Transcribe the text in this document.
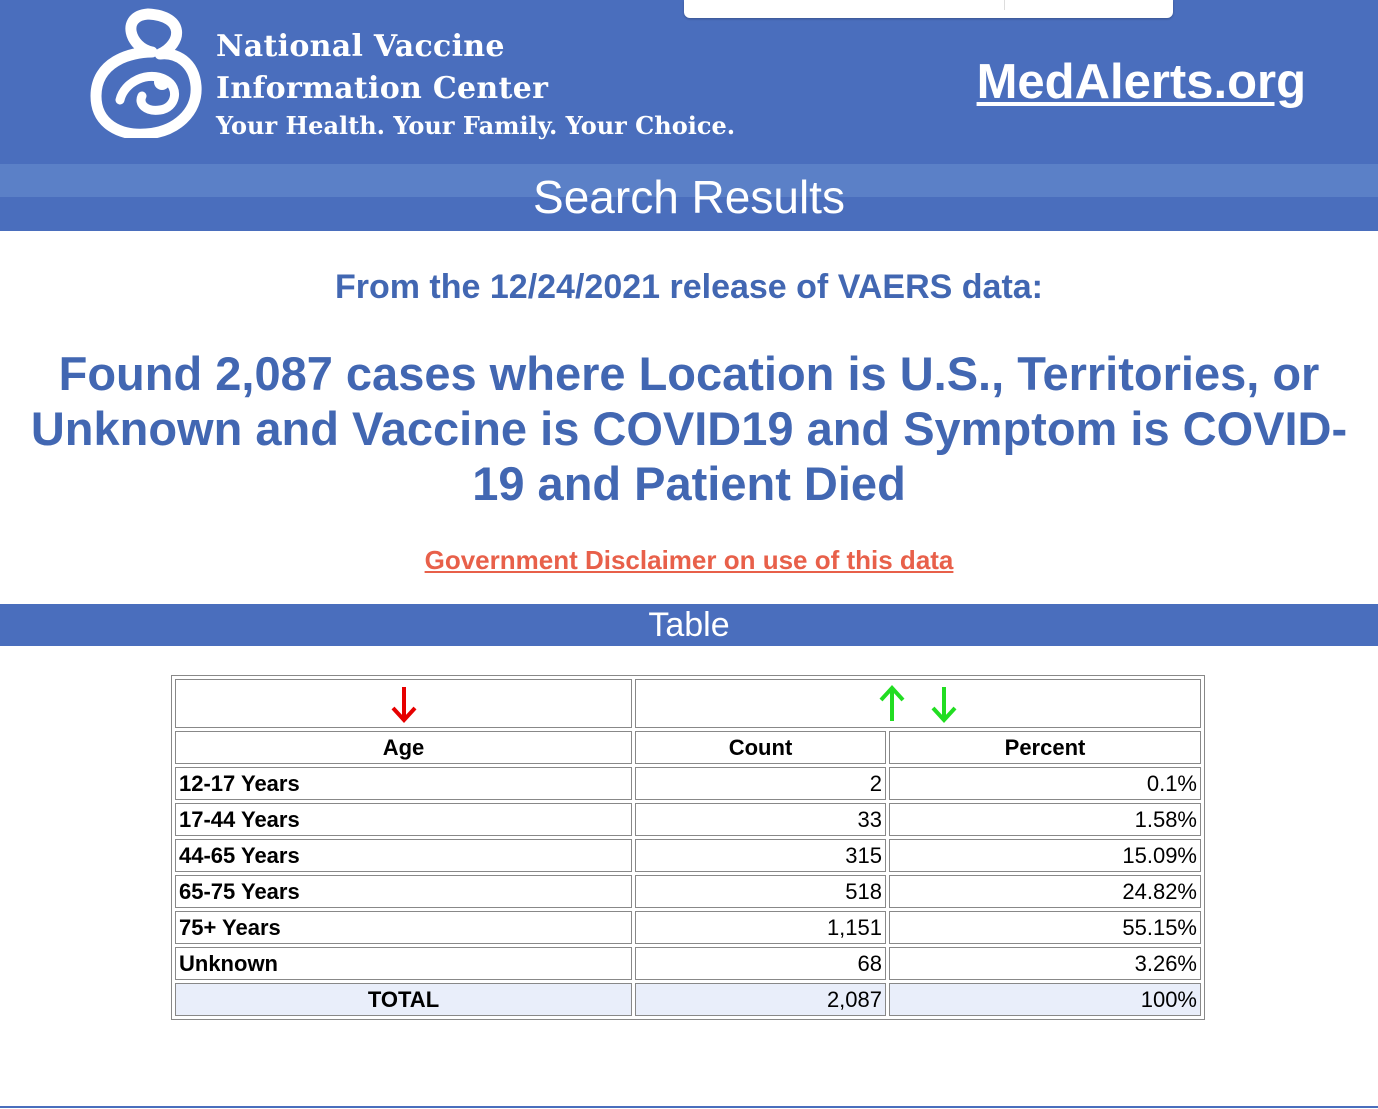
National Vaccine
Information Center
Your Health. Your Family. Your Choice.
MedAlerts.org
Search Results
From the 12/24/2021 release of VAERS data:
Found 2,087 cases where Location is U.S., Territories, or Unknown and Vaccine is COVID19 and Symptom is COVID-19 and Patient Died
Government Disclaimer on use of this data
Table

Age	Count	Percent
12-17 Years	2	0.1%
17-44 Years	33	1.58%
44-65 Years	315	15.09%
65-75 Years	518	24.82%
75+ Years	1,151	55.15%
Unknown	68	3.26%
TOTAL	2,087	100%
